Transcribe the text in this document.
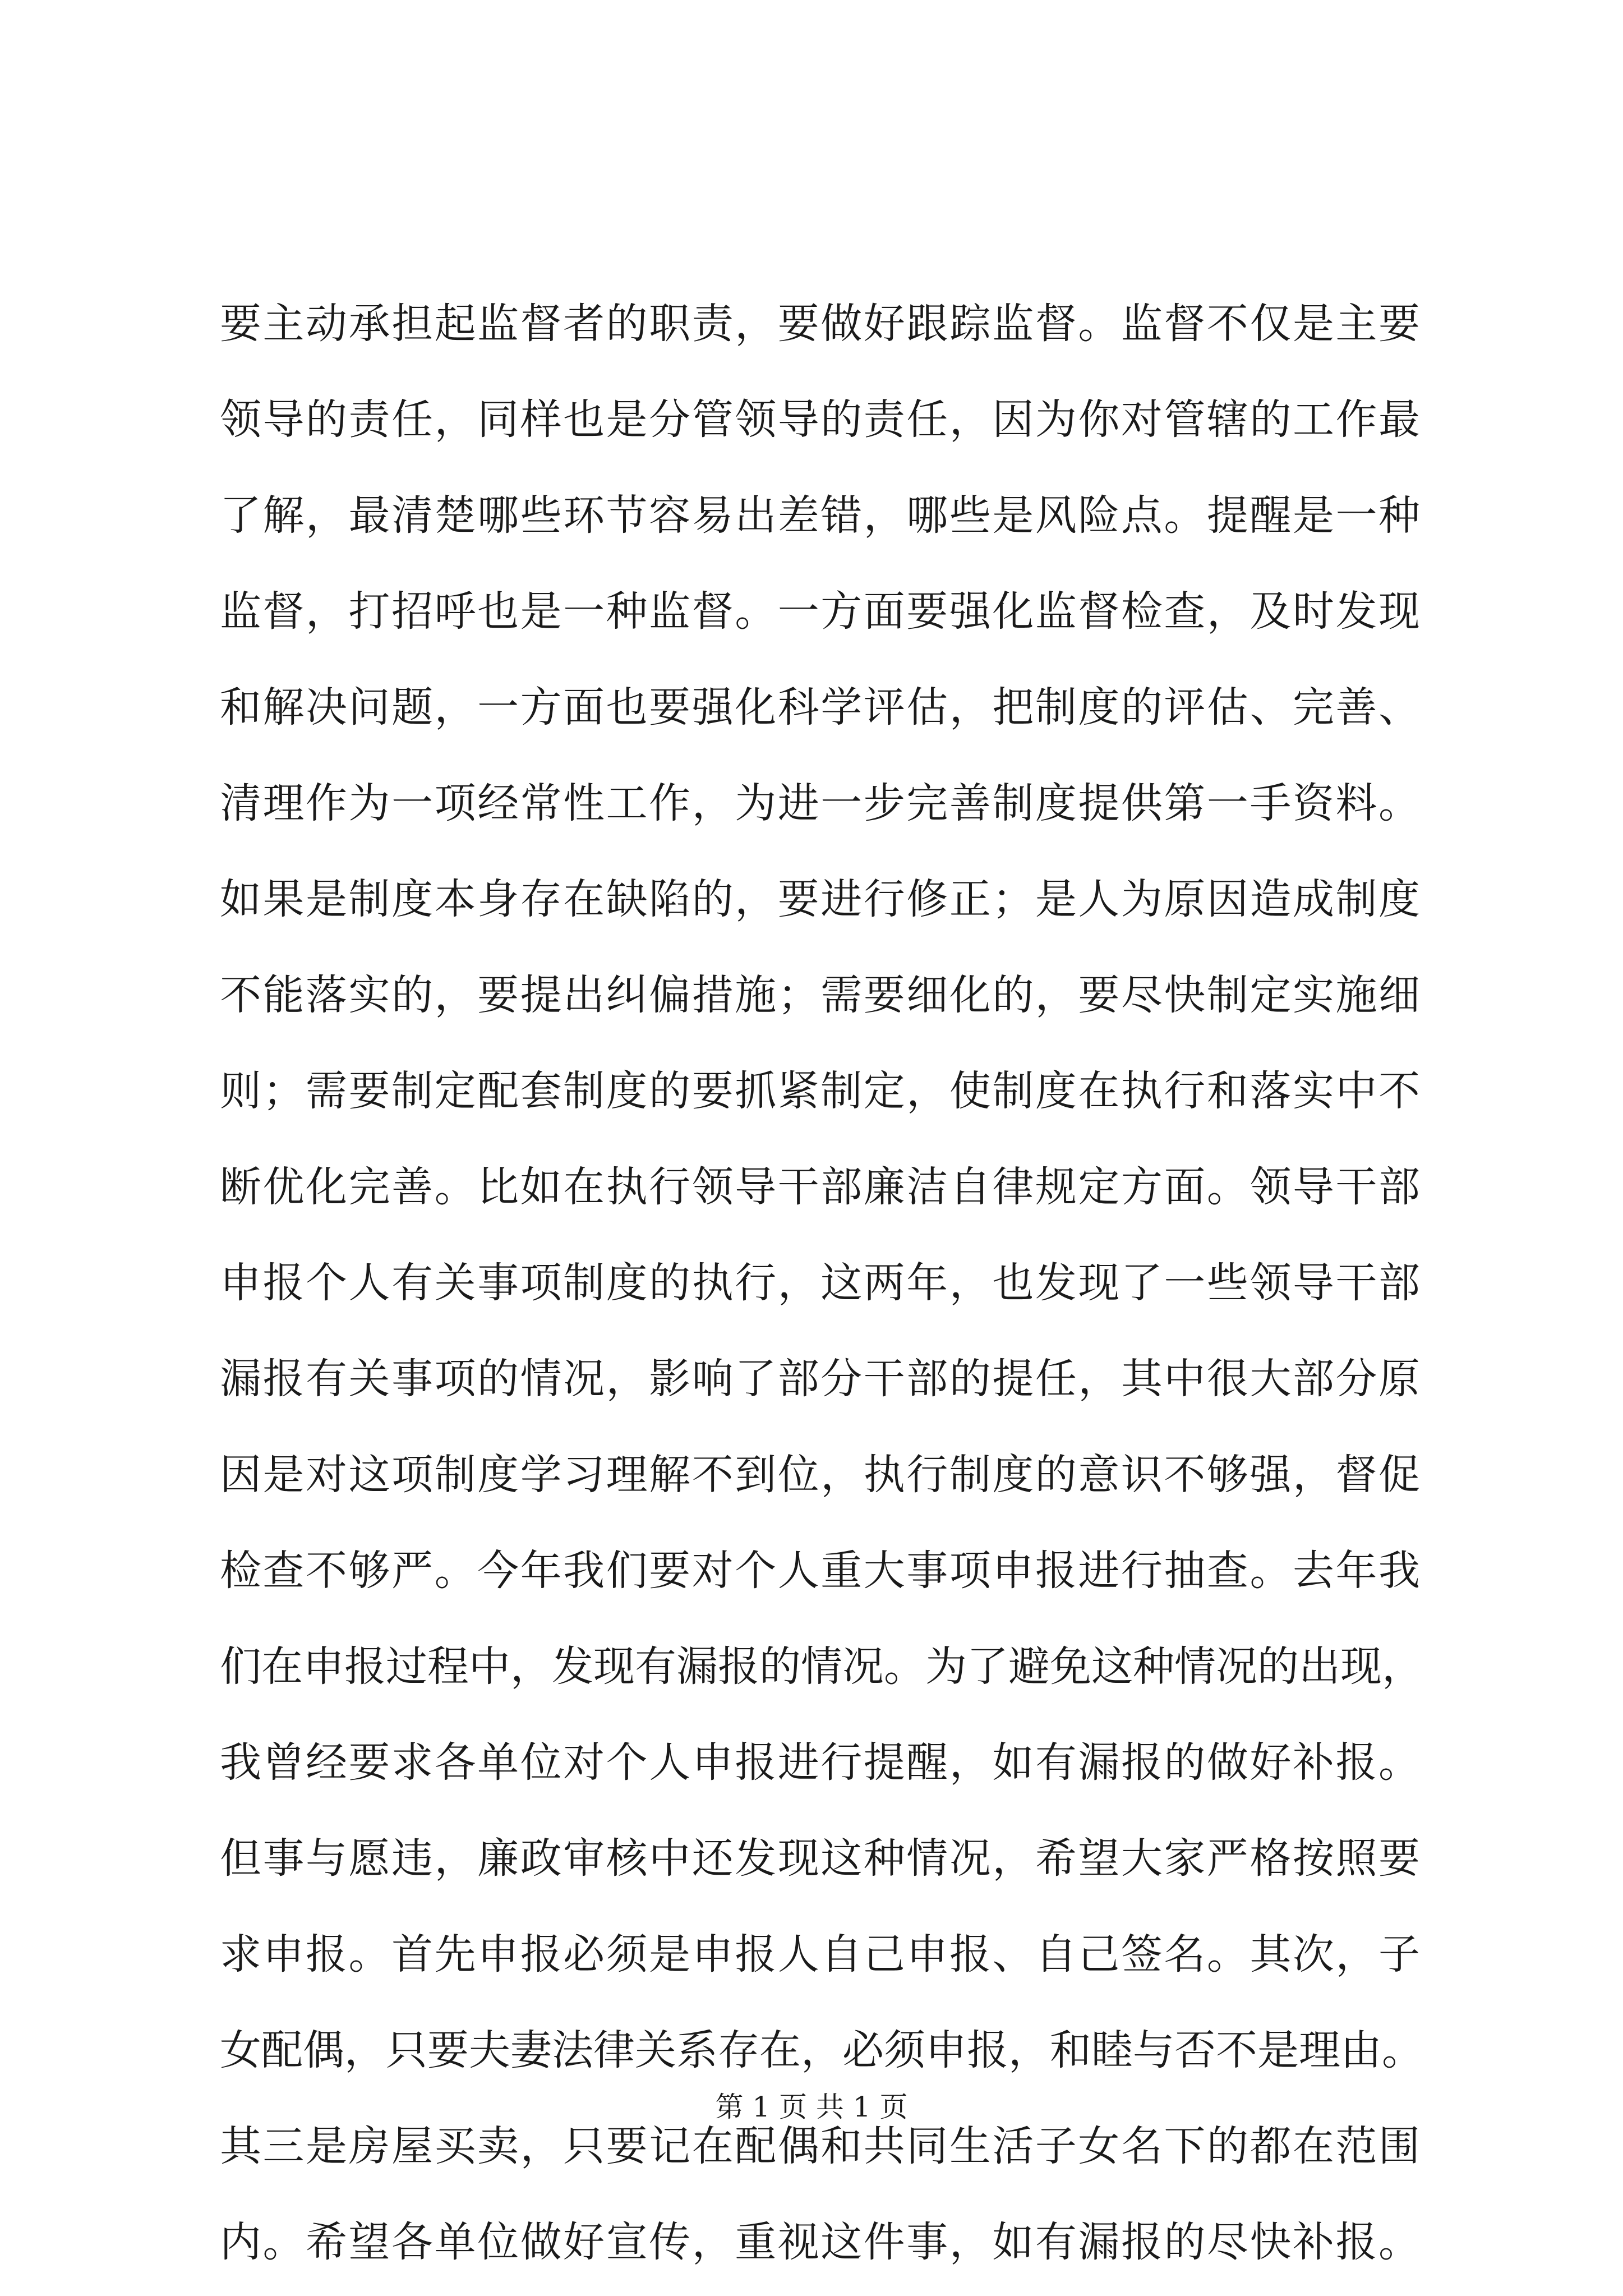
要主动承担起监督者的职责，要做好跟踪监督。监督不仅是主要
领导的责任，同样也是分管领导的责任，因为你对管辖的工作最
了解，最清楚哪些环节容易出差错，哪些是风险点。提醒是一种
监督，打招呼也是一种监督。一方面要强化监督检查，及时发现
和解决问题，一方面也要强化科学评估，把制度的评估、完善、
清理作为一项经常性工作，为进一步完善制度提供第一手资料。
如果是制度本身存在缺陷的，要进行修正；是人为原因造成制度
不能落实的，要提出纠偏措施；需要细化的，要尽快制定实施细
则；需要制定配套制度的要抓紧制定，使制度在执行和落实中不
断优化完善。比如在执行领导干部廉洁自律规定方面。领导干部
申报个人有关事项制度的执行，这两年，也发现了一些领导干部
漏报有关事项的情况，影响了部分干部的提任，其中很大部分原
因是对这项制度学习理解不到位，执行制度的意识不够强，督促
检查不够严。今年我们要对个人重大事项申报进行抽查。去年我
们在申报过程中，发现有漏报的情况。为了避免这种情况的出现，
我曾经要求各单位对个人申报进行提醒，如有漏报的做好补报。
但事与愿违，廉政审核中还发现这种情况，希望大家严格按照要
求申报。首先申报必须是申报人自己申报、自己签名。其次，子
女配偶，只要夫妻法律关系存在，必须申报，和睦与否不是理由。
其三是房屋买卖，只要记在配偶和共同生活子女名下的都在范围
内。希望各单位做好宣传，重视这件事，如有漏报的尽快补报。
第 1 页 共 1 页
